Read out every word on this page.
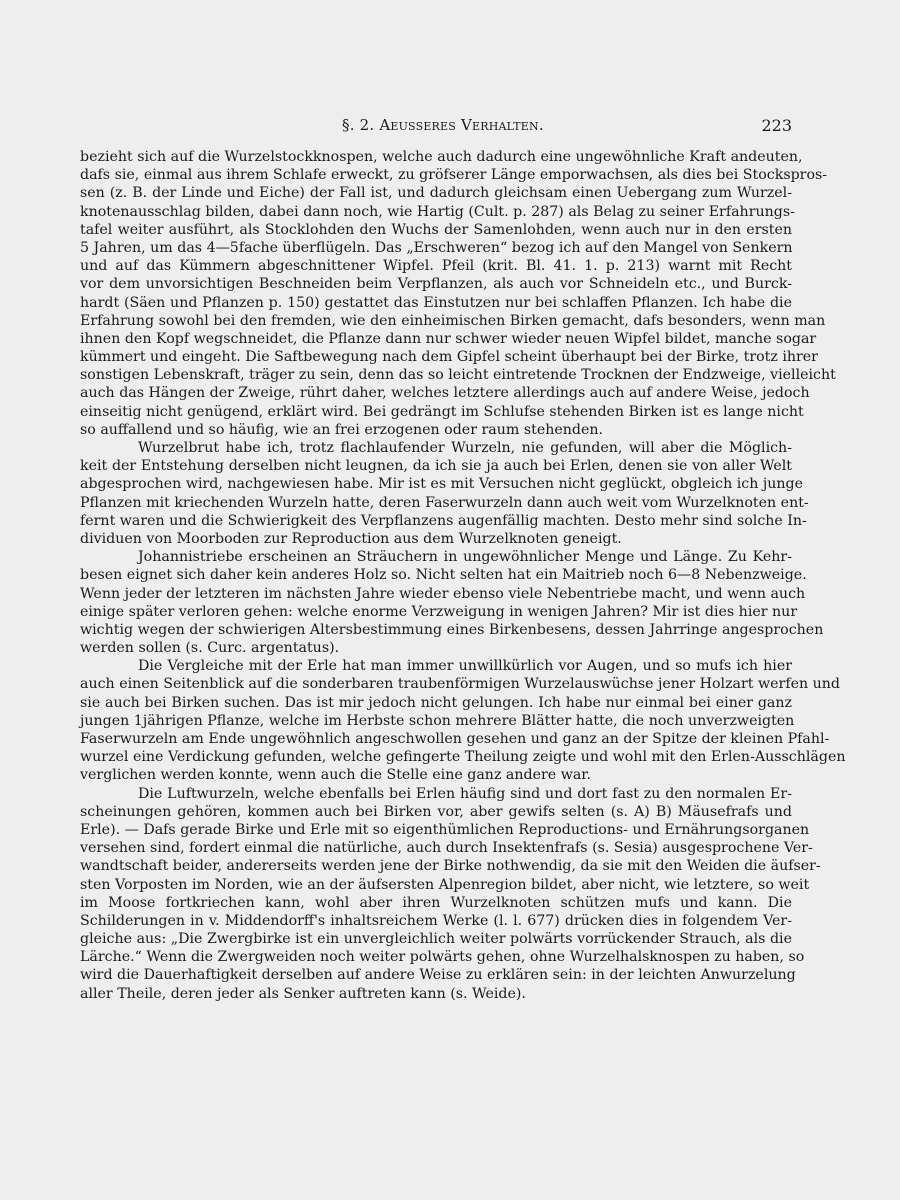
§. 2. Aeusseres Verhalten.	223
bezieht sich auf die Wurzelstockknospen, welche auch dadurch eine ungewöhnliche Kraft andeuten,
dafs sie, einmal aus ihrem Schlafe erweckt, zu gröfserer Länge emporwachsen, als dies bei Stockspros-
sen (z. B. der Linde und Eiche) der Fall ist, und dadurch gleichsam einen Uebergang zum Wurzel-
knotenausschlag bilden, dabei dann noch, wie Hartig (Cult. p. 287) als Belag zu seiner Erfahrungs-
tafel weiter ausführt, als Stocklohden den Wuchs der Samenlohden, wenn auch nur in den ersten
5 Jahren, um das 4—5fache überflügeln. Das „Erschweren“ bezog ich auf den Mangel von Senkern
und auf das Kümmern abgeschnittener Wipfel. Pfeil (krit. Bl. 41. 1. p. 213) warnt mit Recht
vor dem unvorsichtigen Beschneiden beim Verpflanzen, als auch vor Schneideln etc., und Burck-
hardt (Säen und Pflanzen p. 150) gestattet das Einstutzen nur bei schlaffen Pflanzen. Ich habe die
Erfahrung sowohl bei den fremden, wie den einheimischen Birken gemacht, dafs besonders, wenn man
ihnen den Kopf wegschneidet, die Pflanze dann nur schwer wieder neuen Wipfel bildet, manche sogar
kümmert und eingeht. Die Saftbewegung nach dem Gipfel scheint überhaupt bei der Birke, trotz ihrer
sonstigen Lebenskraft, träger zu sein, denn das so leicht eintretende Trocknen der Endzweige, vielleicht
auch das Hängen der Zweige, rührt daher, welches letztere allerdings auch auf andere Weise, jedoch
einseitig nicht genügend, erklärt wird. Bei gedrängt im Schlufse stehenden Birken ist es lange nicht
so auffallend und so häufig, wie an frei erzogenen oder raum stehenden.
Wurzelbrut habe ich, trotz flachlaufender Wurzeln, nie gefunden, will aber die Möglich-
keit der Entstehung derselben nicht leugnen, da ich sie ja auch bei Erlen, denen sie von aller Welt
abgesprochen wird, nachgewiesen habe. Mir ist es mit Versuchen nicht geglückt, obgleich ich junge
Pflanzen mit kriechenden Wurzeln hatte, deren Faserwurzeln dann auch weit vom Wurzelknoten ent-
fernt waren und die Schwierigkeit des Verpflanzens augenfällig machten. Desto mehr sind solche In-
dividuen von Moorboden zur Reproduction aus dem Wurzelknoten geneigt.
Johannistriebe erscheinen an Sträuchern in ungewöhnlicher Menge und Länge. Zu Kehr-
besen eignet sich daher kein anderes Holz so. Nicht selten hat ein Maitrieb noch 6—8 Nebenzweige.
Wenn jeder der letzteren im nächsten Jahre wieder ebenso viele Nebentriebe macht, und wenn auch
einige später verloren gehen: welche enorme Verzweigung in wenigen Jahren? Mir ist dies hier nur
wichtig wegen der schwierigen Altersbestimmung eines Birkenbesens, dessen Jahrringe angesprochen
werden sollen (s. Curc. argentatus).
Die Vergleiche mit der Erle hat man immer unwillkürlich vor Augen, und so mufs ich hier
auch einen Seitenblick auf die sonderbaren traubenförmigen Wurzelauswüchse jener Holzart werfen und
sie auch bei Birken suchen. Das ist mir jedoch nicht gelungen. Ich habe nur einmal bei einer ganz
jungen 1jährigen Pflanze, welche im Herbste schon mehrere Blätter hatte, die noch unverzweigten
Faserwurzeln am Ende ungewöhnlich angeschwollen gesehen und ganz an der Spitze der kleinen Pfahl-
wurzel eine Verdickung gefunden, welche gefingerte Theilung zeigte und wohl mit den Erlen-Ausschlägen
verglichen werden konnte, wenn auch die Stelle eine ganz andere war.
Die Luftwurzeln, welche ebenfalls bei Erlen häufig sind und dort fast zu den normalen Er-
scheinungen gehören, kommen auch bei Birken vor, aber gewifs selten (s. A) B) Mäusefrafs und
Erle). — Dafs gerade Birke und Erle mit so eigenthümlichen Reproductions- und Ernährungsorganen
versehen sind, fordert einmal die natürliche, auch durch Insektenfrafs (s. Sesia) ausgesprochene Ver-
wandtschaft beider, andererseits werden jene der Birke nothwendig, da sie mit den Weiden die äufser-
sten Vorposten im Norden, wie an der äufsersten Alpenregion bildet, aber nicht, wie letztere, so weit
im Moose fortkriechen kann, wohl aber ihren Wurzelknoten schützen mufs und kann. Die
Schilderungen in v. Middendorff's inhaltsreichem Werke (l. l. 677) drücken dies in folgendem Ver-
gleiche aus: „Die Zwergbirke ist ein unvergleichlich weiter polwärts vorrückender Strauch, als die
Lärche.“ Wenn die Zwergweiden noch weiter polwärts gehen, ohne Wurzelhalsknospen zu haben, so
wird die Dauerhaftigkeit derselben auf andere Weise zu erklären sein: in der leichten Anwurzelung
aller Theile, deren jeder als Senker auftreten kann (s. Weide).
